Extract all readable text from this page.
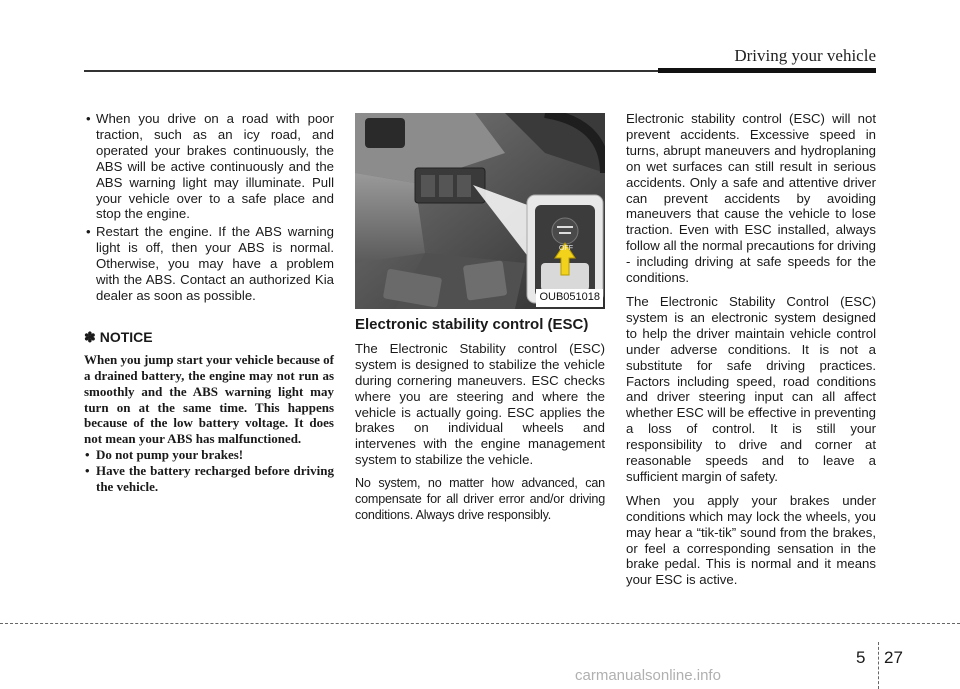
Driving your vehicle
• When you drive on a road with poor traction, such as an icy road, and operated your brakes continuously, the ABS will be active continuously and the ABS warning light may illuminate. Pull your vehicle over to a safe place and stop the engine.
• Restart the engine. If the ABS warning light is off, then your ABS is normal. Otherwise, you may have a problem with the ABS. Contact an authorized Kia dealer as soon as possible.
✽ NOTICE
When you jump start your vehicle because of a drained battery, the engine may not run as smoothly and the ABS warning light may turn on at the same time. This happens because of the low battery voltage. It does not mean your ABS has malfunctioned.
• Do not pump your brakes!
• Have the battery recharged before driving the vehicle.
OFF
OUB051018
Electronic stability control (ESC)

The Electronic Stability control (ESC) system is designed to stabilize the vehicle during cornering maneuvers. ESC checks where you are steering and where the vehicle is actually going. ESC applies the brakes on individual wheels and intervenes with the engine management system to stabilize the vehicle.

No system, no matter how advanced, can compensate for all driver error and/or driving conditions. Always drive responsibly.

Electronic stability control (ESC) will not prevent accidents. Excessive speed in turns, abrupt maneuvers and hydroplaning on wet surfaces can still result in serious accidents. Only a safe and attentive driver can prevent accidents by avoiding maneuvers that cause the vehicle to lose traction. Even with ESC installed, always follow all the normal precautions for driving - including driving at safe speeds for the conditions.

The Electronic Stability Control (ESC) system is an electronic system designed to help the driver maintain vehicle control under adverse conditions. It is not a substitute for safe driving practices. Factors including speed, road conditions and driver steering input can all affect whether ESC will be effective in preventing a loss of control. It is still your responsibility to drive and corner at reasonable speeds and to leave a sufficient margin of safety.

When you apply your brakes under conditions which may lock the wheels, you may hear a “tik-tik” sound from the brakes, or feel a corresponding sensation in the brake pedal. This is normal and it means your ESC is active.

5 27
carmanualsonline.info
